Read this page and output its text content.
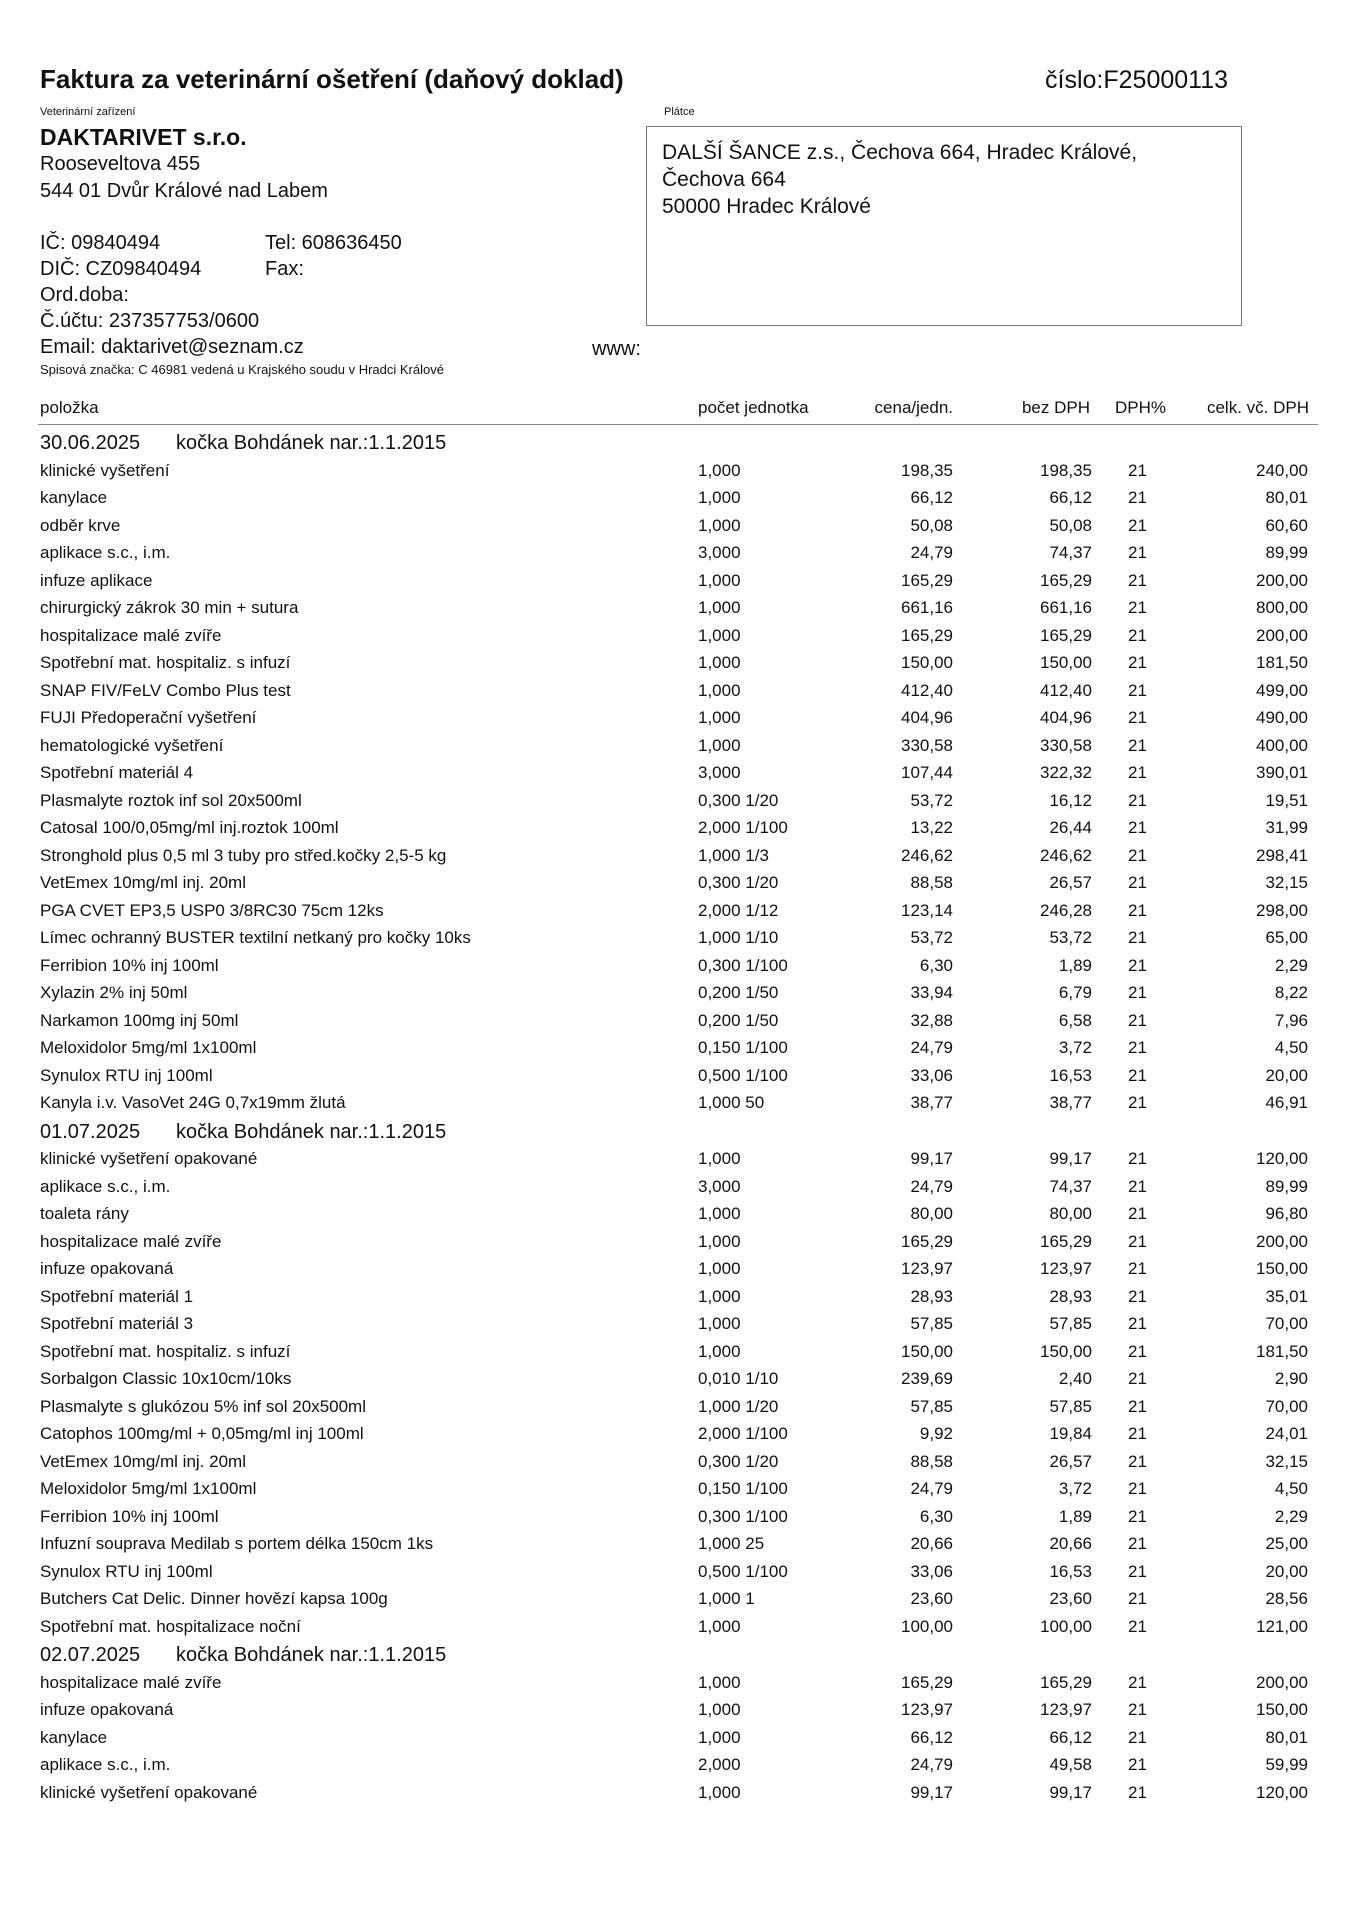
Faktura za veterinární ošetření (daňový doklad)	číslo:F25000113
Veterinární zařízení	Plátce
DAKTARIVET s.r.o.
Rooseveltova 455
544 01 Dvůr Králové nad Labem
DALŠÍ ŠANCE z.s., Čechova 664, Hradec Králové,
Čechova 664
50000 Hradec Králové
IČ: 09840494
DIČ: CZ09840494
Ord.doba:
Č.účtu: 237357753/0600
Tel: 608636450
Fax:
Email: daktarivet@seznam.cz	www:
Spisová značka: C 46981 vedená u Krajského soudu v Hradci Králové
položka	počet jednotka	cena/jedn.	bez DPH DPH% celk. vč. DPH
30.06.2025 kočka Bohdánek nar.:1.1.2015
klinické vyšetření	1,000	198,35	198,35 21	240,00
kanylace	1,000	66,12	66,12 21	80,01
odběr krve	1,000	50,08	50,08 21	60,60
aplikace s.c., i.m.	3,000	24,79	74,37 21	89,99
infuze aplikace	1,000	165,29	165,29 21	200,00
chirurgický zákrok 30 min + sutura	1,000	661,16	661,16 21	800,00
hospitalizace malé zvíře	1,000	165,29	165,29 21	200,00
Spotřební mat. hospitaliz. s infuzí	1,000	150,00	150,00 21	181,50
SNAP FIV/FeLV Combo Plus test	1,000	412,40	412,40 21	499,00
FUJI Předoperační vyšetření	1,000	404,96	404,96 21	490,00
hematologické vyšetření	1,000	330,58	330,58 21	400,00
Spotřební materiál 4	3,000	107,44	322,32 21	390,01
Plasmalyte roztok inf sol 20x500ml	0,300 1/20	53,72	16,12 21	19,51
Catosal 100/0,05mg/ml inj.roztok 100ml	2,000 1/100	13,22	26,44 21	31,99
Stronghold plus 0,5 ml 3 tuby pro střed.kočky 2,5-5 kg	1,000 1/3	246,62	246,62 21	298,41
VetEmex 10mg/ml inj. 20ml	0,300 1/20	88,58	26,57 21	32,15
PGA CVET EP3,5 USP0 3/8RC30 75cm 12ks	2,000 1/12	123,14	246,28 21	298,00
Límec ochranný BUSTER textilní netkaný pro kočky 10ks	1,000 1/10	53,72	53,72 21	65,00
Ferribion 10% inj 100ml	0,300 1/100	6,30	1,89 21	2,29
Xylazin 2% inj 50ml	0,200 1/50	33,94	6,79 21	8,22
Narkamon 100mg inj 50ml	0,200 1/50	32,88	6,58 21	7,96
Meloxidolor 5mg/ml 1x100ml	0,150 1/100	24,79	3,72 21	4,50
Synulox RTU inj 100ml	0,500 1/100	33,06	16,53 21	20,00
Kanyla i.v. VasoVet 24G 0,7x19mm žlutá	1,000 50	38,77	38,77 21	46,91
01.07.2025 kočka Bohdánek nar.:1.1.2015
klinické vyšetření opakované	1,000	99,17	99,17 21	120,00
aplikace s.c., i.m.	3,000	24,79	74,37 21	89,99
toaleta rány	1,000	80,00	80,00 21	96,80
hospitalizace malé zvíře	1,000	165,29	165,29 21	200,00
infuze opakovaná	1,000	123,97	123,97 21	150,00
Spotřební materiál 1	1,000	28,93	28,93 21	35,01
Spotřební materiál 3	1,000	57,85	57,85 21	70,00
Spotřební mat. hospitaliz. s infuzí	1,000	150,00	150,00 21	181,50
Sorbalgon Classic 10x10cm/10ks	0,010 1/10	239,69	2,40 21	2,90
Plasmalyte s glukózou 5% inf sol 20x500ml	1,000 1/20	57,85	57,85 21	70,00
Catophos 100mg/ml + 0,05mg/ml inj 100ml	2,000 1/100	9,92	19,84 21	24,01
VetEmex 10mg/ml inj. 20ml	0,300 1/20	88,58	26,57 21	32,15
Meloxidolor 5mg/ml 1x100ml	0,150 1/100	24,79	3,72 21	4,50
Ferribion 10% inj 100ml	0,300 1/100	6,30	1,89 21	2,29
Infuzní souprava Medilab s portem délka 150cm 1ks	1,000 25	20,66	20,66 21	25,00
Synulox RTU inj 100ml	0,500 1/100	33,06	16,53 21	20,00
Butchers Cat Delic. Dinner hovězí kapsa 100g	1,000 1	23,60	23,60 21	28,56
Spotřební mat. hospitalizace noční	1,000	100,00	100,00 21	121,00
02.07.2025 kočka Bohdánek nar.:1.1.2015
hospitalizace malé zvíře	1,000	165,29	165,29 21	200,00
infuze opakovaná	1,000	123,97	123,97 21	150,00
kanylace	1,000	66,12	66,12 21	80,01
aplikace s.c., i.m.	2,000	24,79	49,58 21	59,99
klinické vyšetření opakované	1,000	99,17	99,17 21	120,00
